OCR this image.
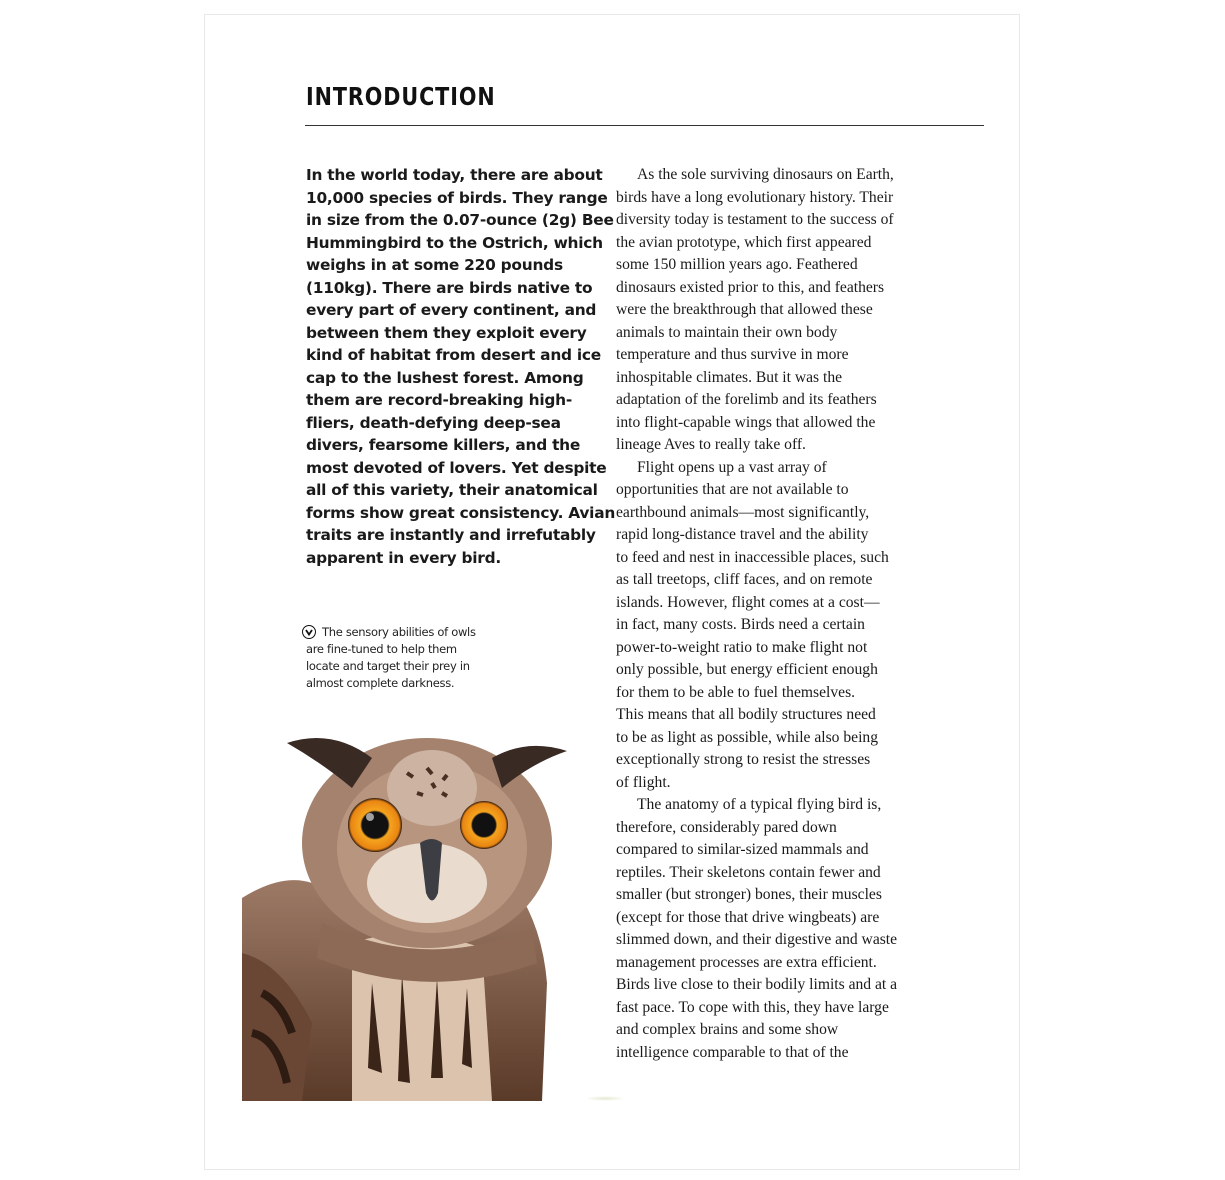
INTRODUCTION

In the world today, there are about
10,000 species of birds. They range
in size from the 0.07-ounce (2g) Bee
Hummingbird to the Ostrich, which
weighs in at some 220 pounds
(110kg). There are birds native to
every part of every continent, and
between them they exploit every
kind of habitat from desert and ice
cap to the lushest forest. Among
them are record-breaking high-
fliers, death-defying deep-sea
divers, fearsome killers, and the
most devoted of lovers. Yet despite
all of this variety, their anatomical
forms show great consistency. Avian
traits are instantly and irrefutably
apparent in every bird.

The sensory abilities of owls
are fine-tuned to help them
locate and target their prey in
almost complete darkness.
As the sole surviving dinosaurs on Earth,
birds have a long evolutionary history. Their
diversity today is testament to the success of
the avian prototype, which first appeared
some 150 million years ago. Feathered
dinosaurs existed prior to this, and feathers
were the breakthrough that allowed these
animals to maintain their own body
temperature and thus survive in more
inhospitable climates. But it was the
adaptation of the forelimb and its feathers
into flight-capable wings that allowed the
lineage Aves to really take off.
Flight opens up a vast array of
opportunities that are not available to
earthbound animals—most significantly,
rapid long-distance travel and the ability
to feed and nest in inaccessible places, such
as tall treetops, cliff faces, and on remote
islands. However, flight comes at a cost—
in fact, many costs. Birds need a certain
power-to-weight ratio to make flight not
only possible, but energy efficient enough
for them to be able to fuel themselves.
This means that all bodily structures need
to be as light as possible, while also being
exceptionally strong to resist the stresses
of flight.
The anatomy of a typical flying bird is,
therefore, considerably pared down
compared to similar-sized mammals and
reptiles. Their skeletons contain fewer and
smaller (but stronger) bones, their muscles
(except for those that drive wingbeats) are
slimmed down, and their digestive and waste
management processes are extra efficient.
Birds live close to their bodily limits and at a
fast pace. To cope with this, they have large
and complex brains and some show
intelligence comparable to that of the
